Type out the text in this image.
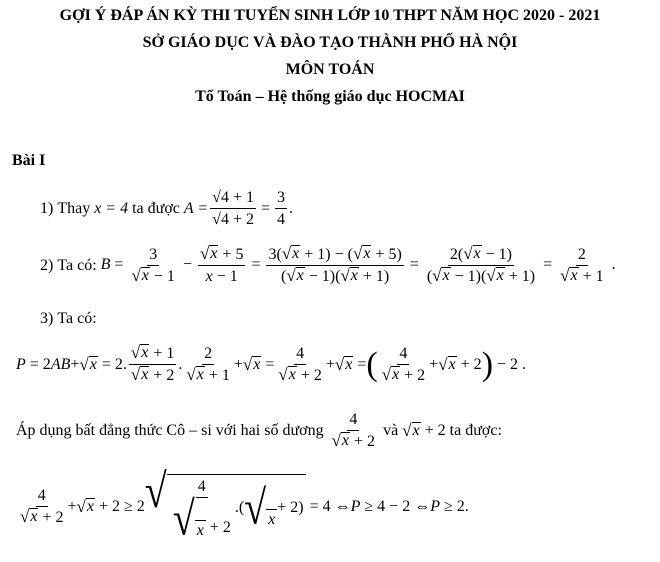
GỢI Ý ĐÁP ÁN KỲ THI TUYỂN SINH LỚP 10 THPT NĂM HỌC 2020 - 2021
SỞ GIÁO DỤC VÀ ĐÀO TẠO THÀNH PHỐ HÀ NỘI
MÔN TOÁN
Tổ Toán – Hệ thống giáo dục HOCMAI
Bài I
1)
Thay
x = 4
ta được
$A = \frac{√4 + 1}{√4 + 2} = \frac{3}{4}$ .
2)
Ta có:
$B = \frac{3}{√ x - 1} - \frac{√ x + 5}{x - 1} = \frac{3( √ x + 1) - ( √ x + 5)}{( √ x - 1)( √ x + 1)} = \frac{2( √ x - 1)}{( √ x - 1)( √ x + 1)} = \frac{2}{√ x + 1}$ .
3)
Ta có:
P = 2 AB + √ x = 2.
√ x + 1
√ x + 2
.
2
√ x + 1
+ √ x =
4
√ x + 2
+ √ x = ( 4
√ x + 2
+ √ x + 2 ) − 2 .
Áp dụng bất đẳng thức Cô – si với hai số dương

4
√ x + 2

và
√ x + 2 ta được:
4
√ x + 2
+ √ x + 2 ≥ 2 √ 4
√ x + 2
.( √ x
+ 2) = 4 ⇔ P ≥ 4 − 2 ⇔ P ≥ 2.
